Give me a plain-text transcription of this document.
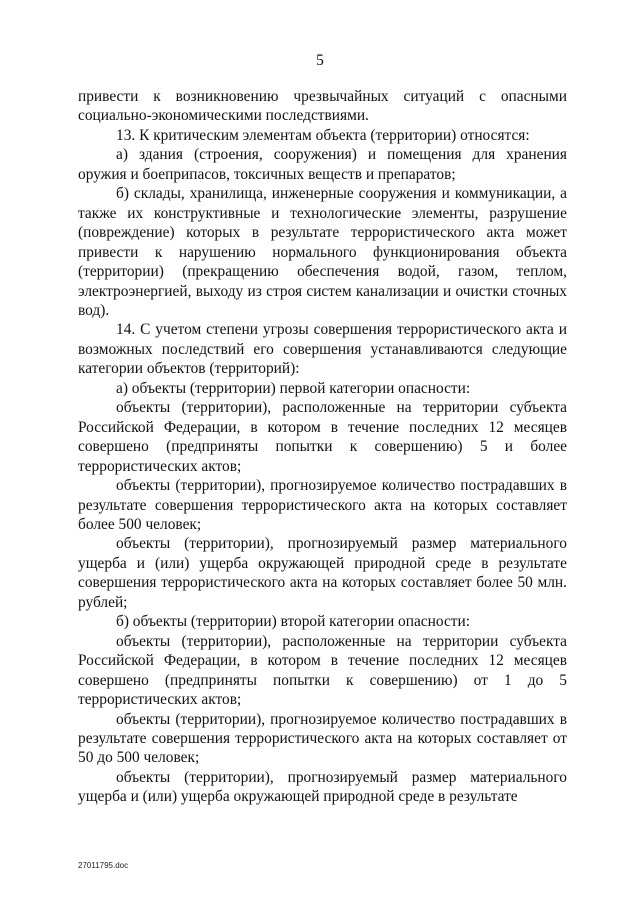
5

привести к возникновению чрезвычайных ситуаций с опасными социально-экономическими последствиями.

13. К критическим элементам объекта (территории) относятся:

а) здания (строения, сооружения) и помещения для хранения оружия и боеприпасов, токсичных веществ и препаратов;

б) склады, хранилища, инженерные сооружения и коммуникации, а также их конструктивные и технологические элементы, разрушение (повреждение) которых в результате террористического акта может привести к нарушению нормального функционирования объекта (территории) (прекращению обеспечения водой, газом, теплом, электроэнергией, выходу из строя систем канализации и очистки сточных вод).

14. С учетом степени угрозы совершения террористического акта и возможных последствий его совершения устанавливаются следующие категории объектов (территорий):

а) объекты (территории) первой категории опасности:

объекты (территории), расположенные на территории субъекта Российской Федерации, в котором в течение последних 12 месяцев совершено (предприняты попытки к совершению) 5 и более террористических актов;

объекты (территории), прогнозируемое количество пострадавших в результате совершения террористического акта на которых составляет более 500 человек;

объекты (территории), прогнозируемый размер материального ущерба и (или) ущерба окружающей природной среде в результате совершения террористического акта на которых составляет более 50 млн. рублей;

б) объекты (территории) второй категории опасности:

объекты (территории), расположенные на территории субъекта Российской Федерации, в котором в течение последних 12 месяцев совершено (предприняты попытки к совершению) от 1 до 5 террористических актов;

объекты (территории), прогнозируемое количество пострадавших в результате совершения террористического акта на которых составляет от 50 до 500 человек;

объекты (территории), прогнозируемый размер материального ущерба и (или) ущерба окружающей природной среде в результате

27011795.doc
